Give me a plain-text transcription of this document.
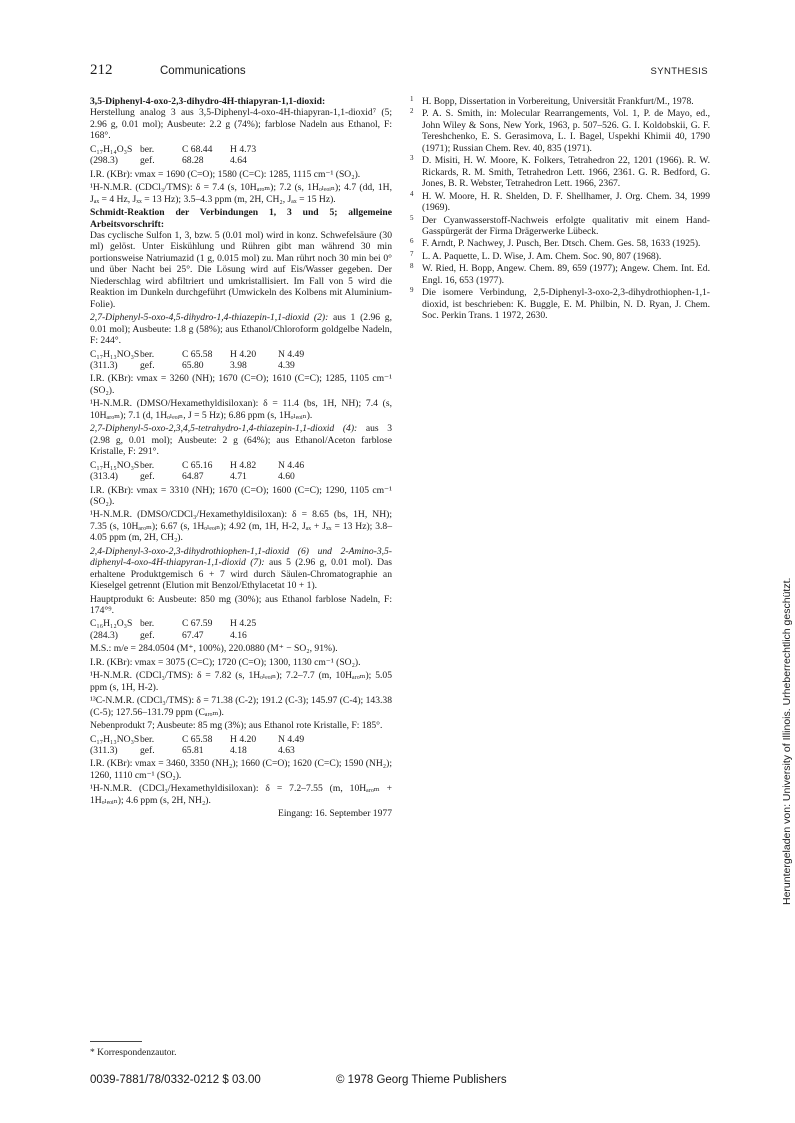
212	Communications	SYNTHESIS

3,5-Diphenyl-4-oxo-2,3-dihydro-4H-thiapyran-1,1-dioxid:

Herstellung analog 3 aus 3,5-Diphenyl-4-oxo-4H-thiapyran-1,1-dioxid⁷ (5; 2.96 g, 0.01 mol); Ausbeute: 2.2 g (74%); farblose Nadeln aus Ethanol, F: 168°.

C₁₇H₁₄O₃S ber.	C 68.44	H 4.73
(298.3)	gef.	68.28	4.64

I.R. (KBr): νmax = 1690 (C=O); 1580 (C=C): 1285, 1115 cm⁻¹ (SO₂).

¹H-N.M.R. (CDCl₃/TMS): δ = 7.4 (s, 10Hₐᵣₒₘ); 7.2 (s, 1Hₒₗₑₒᵢₙ); 4.7 (dd, 1H, Jₐₓ = 4 Hz, Jₓₓ = 13 Hz); 3.5–4.3 ppm (m, 2H, CH₂, Jₐₓ = 15 Hz).

Schmidt-Reaktion der Verbindungen 1, 3 und 5; allgemeine Arbeitsvorschrift:

Das cyclische Sulfon 1, 3, bzw. 5 (0.01 mol) wird in konz. Schwefelsäure (30 ml) gelöst. Unter Eiskühlung und Rühren gibt man während 30 min portionsweise Natriumazid (1 g, 0.015 mol) zu. Man rührt noch 30 min bei 0° und über Nacht bei 25°. Die Lösung wird auf Eis/Wasser gegeben. Der Niederschlag wird abfiltriert und umkristallisiert. Im Fall von 5 wird die Reaktion im Dunkeln durchgeführt (Umwickeln des Kolbens mit Aluminium-Folie).

2,7-Diphenyl-5-oxo-4,5-dihydro-1,4-thiazepin-1,1-dioxid (2): aus 1 (2.96 g, 0.01 mol); Ausbeute: 1.8 g (58%); aus Ethanol/Chloroform goldgelbe Nadeln, F: 244°.

C₁₇H₁₃NO₃S ber.	C 65.58	H 4.20	N 4.49
(311.3)	gef.	65.80	3.98	4.39

I.R. (KBr): νmax = 3260 (NH); 1670 (C=O); 1610 (C=C); 1285, 1105 cm⁻¹ (SO₂).

¹H-N.M.R. (DMSO/Hexamethyldisiloxan): δ = 11.4 (bs, 1H, NH); 7.4 (s, 10Hₐᵣₒₘ); 7.1 (d, 1Hₒₗₑₒᵢₙ, J = 5 Hz); 6.86 ppm (s, 1Hₒₗₑₒᵢₙ).

2,7-Diphenyl-5-oxo-2,3,4,5-tetrahydro-1,4-thiazepin-1,1-dioxid (4): aus 3 (2.98 g, 0.01 mol); Ausbeute: 2 g (64%); aus Ethanol/Aceton farblose Kristalle, F: 291°.

C₁₇H₁₅NO₃S ber.	C 65.16	H 4.82	N 4.46
(313.4)	gef.	64.87	4.71	4.60

I.R. (KBr): νmax = 3310 (NH); 1670 (C=O); 1600 (C=C); 1290, 1105 cm⁻¹ (SO₂).

¹H-N.M.R. (DMSO/CDCl₃/Hexamethyldisiloxan): δ = 8.65 (bs, 1H, NH); 7.35 (s, 10Hₐᵣₒₘ); 6.67 (s, 1Hₒₗₑₒᵢₙ); 4.92 (m, 1H, H-2, Jₐₓ + Jₓₓ = 13 Hz); 3.8–4.05 ppm (m, 2H, CH₂).

2,4-Diphenyl-3-oxo-2,3-dihydrothiophen-1,1-dioxid (6) und 2-Amino-3,5-diphenyl-4-oxo-4H-thiapyran-1,1-dioxid (7): aus 5 (2.96 g, 0.01 mol). Das erhaltene Produktgemisch 6 + 7 wird durch Säulen-Chromatographie an Kieselgel getrennt (Elution mit Benzol/Ethylacetat 10 + 1).

Hauptprodukt 6: Ausbeute: 850 mg (30%); aus Ethanol farblose Nadeln, F: 174°⁹.

C₁₆H₁₂O₃S ber.	C 67.59	H 4.25
(284.3)	gef.	67.47	4.16

M.S.: m/e = 284.0504 (M⁺, 100%), 220.0880 (M⁺ − SO₂, 91%).

I.R. (KBr): νmax = 3075 (C=C); 1720 (C=O); 1300, 1130 cm⁻¹ (SO₂).

¹H-N.M.R. (CDCl₃/TMS): δ = 7.82 (s, 1Hₒₗₑₒᵢₙ); 7.2–7.7 (m, 10Hₐᵣₒₘ); 5.05 ppm (s, 1H, H-2).

¹³C-N.M.R. (CDCl₃/TMS): δ = 71.38 (C-2); 191.2 (C-3); 145.97 (C-4); 143.38 (C-5); 127.56–131.79 ppm (Cₐᵣₒₘ).

Nebenprodukt 7; Ausbeute: 85 mg (3%); aus Ethanol rote Kristalle, F: 185°.

C₁₇H₁₃NO₃S ber.	C 65.58	H 4.20	N 4.49
(311.3)	gef.	65.81	4.18	4.63

I.R. (KBr): νmax = 3460, 3350 (NH₂); 1660 (C=O); 1620 (C=C); 1590 (NH₂); 1260, 1110 cm⁻¹ (SO₂).

¹H-N.M.R. (CDCl₃/Hexamethyldisiloxan): δ = 7.2–7.55 (m, 10Hₐᵣₒₘ + 1Hₒₗₑₒᵢₙ); 4.6 ppm (s, 2H, NH₂).

Eingang: 16. September 1977

1 H. Bopp, Dissertation in Vorbereitung, Universität Frankfurt/M., 1978.
2 P. A. S. Smith, in: Molecular Rearrangements, Vol. 1, P. de Mayo, ed., John Wiley & Sons, New York, 1963, p. 507–526. G. I. Koldobskii, G. F. Tereshchenko, E. S. Gerasimova, L. I. Bagel, Uspekhi Khimii 40, 1790 (1971); Russian Chem. Rev. 40, 835 (1971).
3 D. Misiti, H. W. Moore, K. Folkers, Tetrahedron 22, 1201 (1966). R. W. Rickards, R. M. Smith, Tetrahedron Lett. 1966, 2361. G. R. Bedford, G. Jones, B. R. Webster, Tetrahedron Lett. 1966, 2367.
4 H. W. Moore, H. R. Shelden, D. F. Shellhamer, J. Org. Chem. 34, 1999 (1969).
5 Der Cyanwasserstoff-Nachweis erfolgte qualitativ mit einem Hand-Gasspürgerät der Firma Drägerwerke Lübeck.
6 F. Arndt, P. Nachwey, J. Pusch, Ber. Dtsch. Chem. Ges. 58, 1633 (1925).
7 L. A. Paquette, L. D. Wise, J. Am. Chem. Soc. 90, 807 (1968).
8 W. Ried, H. Bopp, Angew. Chem. 89, 659 (1977); Angew. Chem. Int. Ed. Engl. 16, 653 (1977).
9 Die isomere Verbindung, 2,5-Diphenyl-3-oxo-2,3-dihydrothiophen-1,1-dioxid, ist beschrieben: K. Buggle, E. M. Philbin, N. D. Ryan, J. Chem. Soc. Perkin Trans. 1 1972, 2630.
* Korrespondenzautor.
0039-7881/78/0332-0212 $ 03.00	© 1978 Georg Thieme Publishers
Heruntergeladen von: University of Illinois. Urheberrechtlich geschützt.
